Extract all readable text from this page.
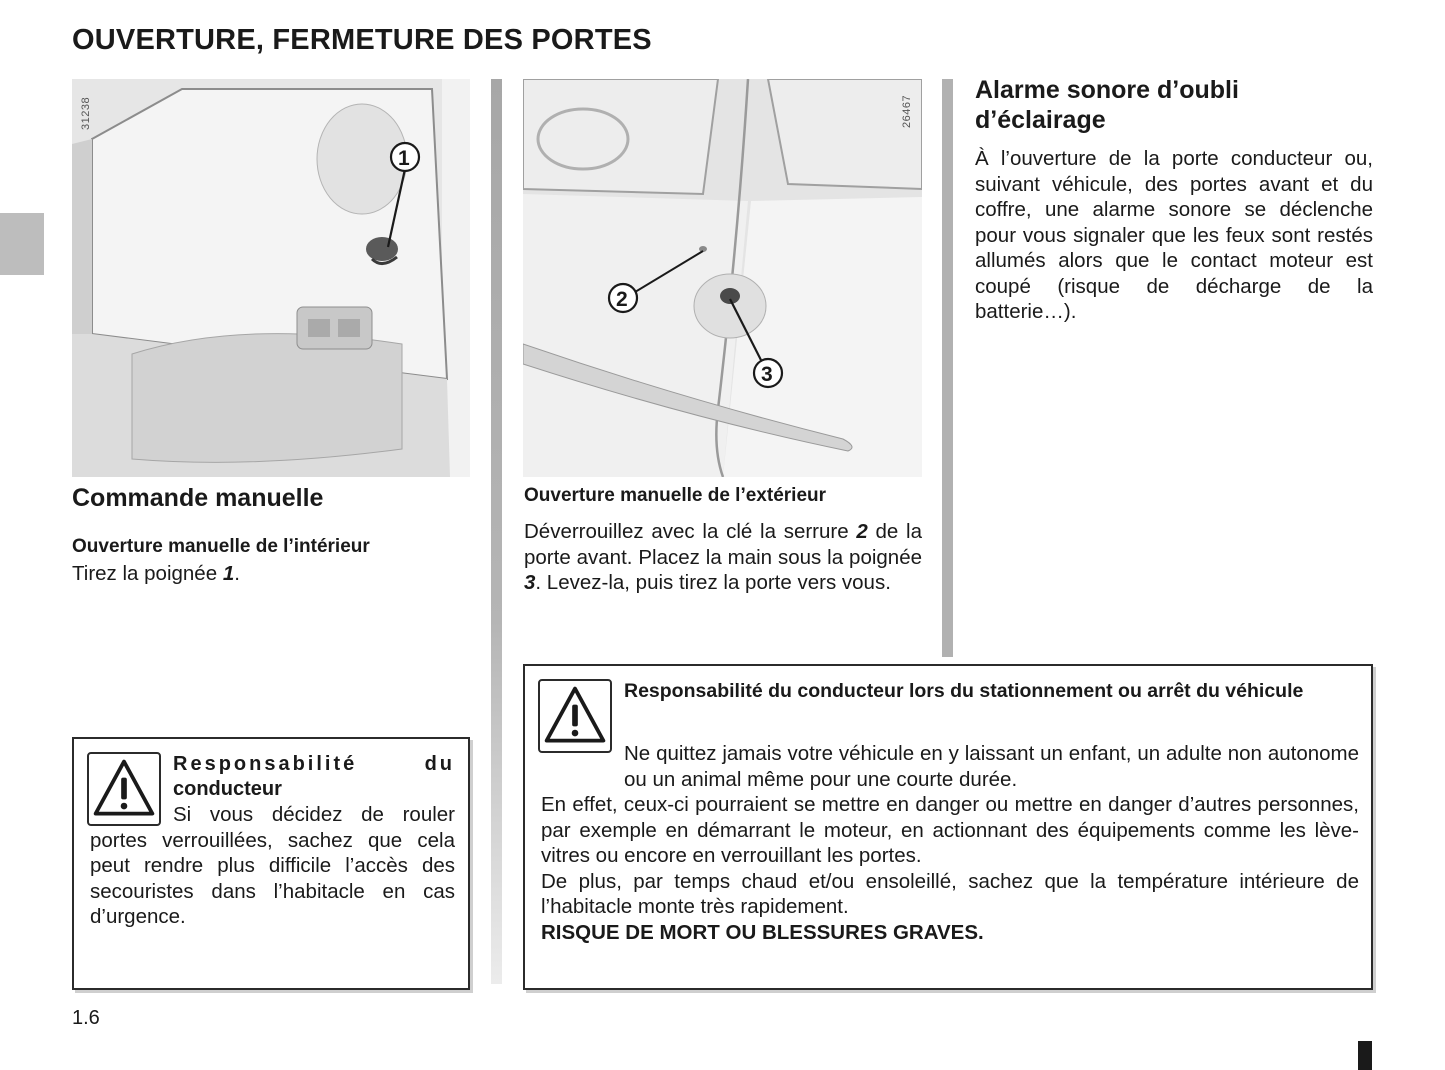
OUVERTURE, FERMETURE DES PORTES
1
31238
2
3
26467
Commande manuelle
Ouverture manuelle de l’intérieur
Tirez la poignée 1.
Ouverture manuelle de l’extérieur
Déverrouillez avec la clé la serrure 2 de la porte avant. Placez la main sous la poignée 3. Levez-la, puis tirez la porte vers vous.
Alarme sonore d’oubli d’éclairage
À l’ouverture de la porte conducteur ou, suivant véhicule, des portes avant et du coffre, une alarme sonore se déclenche pour vous signaler que les feux sont restés allumés alors que le contact moteur est coupé (risque de décharge de la batterie…).
Responsabilité	du
conducteur
Si vous décidez de rouler portes verrouillées, sachez que cela peut rendre plus difficile l’accès des secouristes dans l’habitacle en cas d’urgence.
Responsabilité du conducteur lors du stationnement ou arrêt du véhicule
Ne quittez jamais votre véhicule en y laissant un enfant, un adulte non autonome ou un animal même pour une courte durée.

En effet, ceux-ci pourraient se mettre en danger ou mettre en danger d’autres personnes, par exemple en démarrant le moteur, en actionnant des équipements comme les lève-vitres ou encore en verrouillant les portes.

De plus, par temps chaud et/ou ensoleillé, sachez que la température intérieure de l’habitacle monte très rapidement.

RISQUE DE MORT OU BLESSURES GRAVES.

1.6
